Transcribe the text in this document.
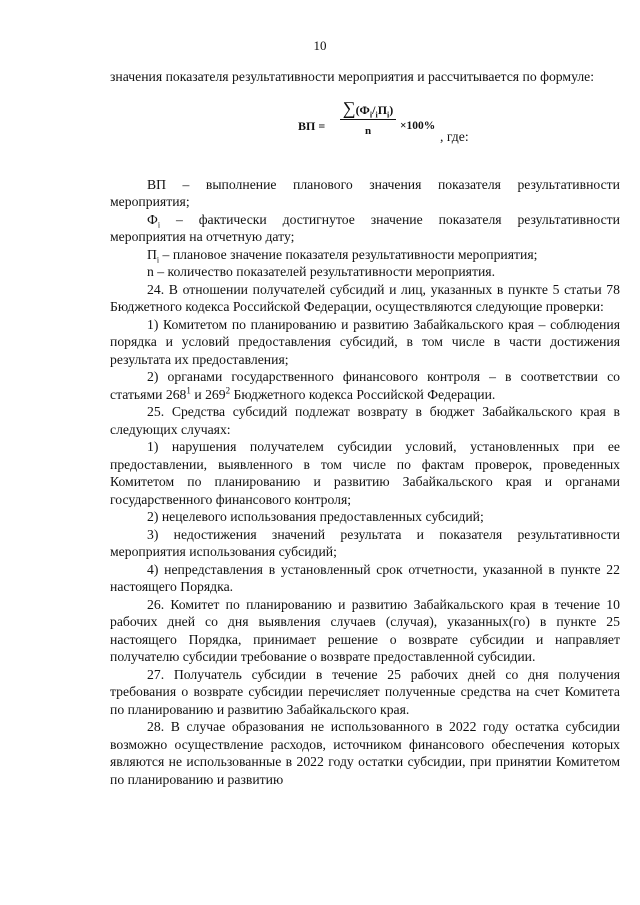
10

значения показателя результативности мероприятия и рассчитывается по формуле:

ВП =
$\sum(Ф_i/_iП_i)$
n	×100%
, где:

ВП – выполнение планового значения показателя результативности мероприятия;

$Ф_i$ – фактически достигнутое значение показателя результативности мероприятия на отчетную дату;

$П_i$ – плановое значение показателя результативности мероприятия;

n – количество показателей результативности мероприятия.

24. В отношении получателей субсидий и лиц, указанных в пункте 5 статьи 78 Бюджетного кодекса Российской Федерации, осуществляются следующие проверки:

1) Комитетом по планированию и развитию Забайкальского края – соблюдения порядка и условий предоставления субсидий, в том числе в части достижения результата их предоставления;

2) органами государственного финансового контроля – в соответствии со статьями $268^1$ и $269^2$ Бюджетного кодекса Российской Федерации.

25. Средства субсидий подлежат возврату в бюджет Забайкальского края в следующих случаях:

1) нарушения получателем субсидии условий, установленных при ее предоставлении, выявленного в том числе по фактам проверок, проведенных Комитетом по планированию и развитию Забайкальского края и органами государственного финансового контроля;

2) нецелевого использования предоставленных субсидий;

3) недостижения значений результата и показателя результативности мероприятия использования субсидий;

4) непредставления в установленный срок отчетности, указанной в пункте 22 настоящего Порядка.

26. Комитет по планированию и развитию Забайкальского края в течение 10 рабочих дней со дня выявления случаев (случая), указанных(го) в пункте 25 настоящего Порядка, принимает решение о возврате субсидии и направляет получателю субсидии требование о возврате предоставленной субсидии.

27. Получатель субсидии в течение 25 рабочих дней со дня получения требования о возврате субсидии перечисляет полученные средства на счет Комитета по планированию и развитию Забайкальского края.

28. В случае образования не использованного в 2022 году остатка субсидии возможно осуществление расходов, источником финансового обеспечения которых являются не использованные в 2022 году остатки субсидии, при принятии Комитетом по планированию и развитию
